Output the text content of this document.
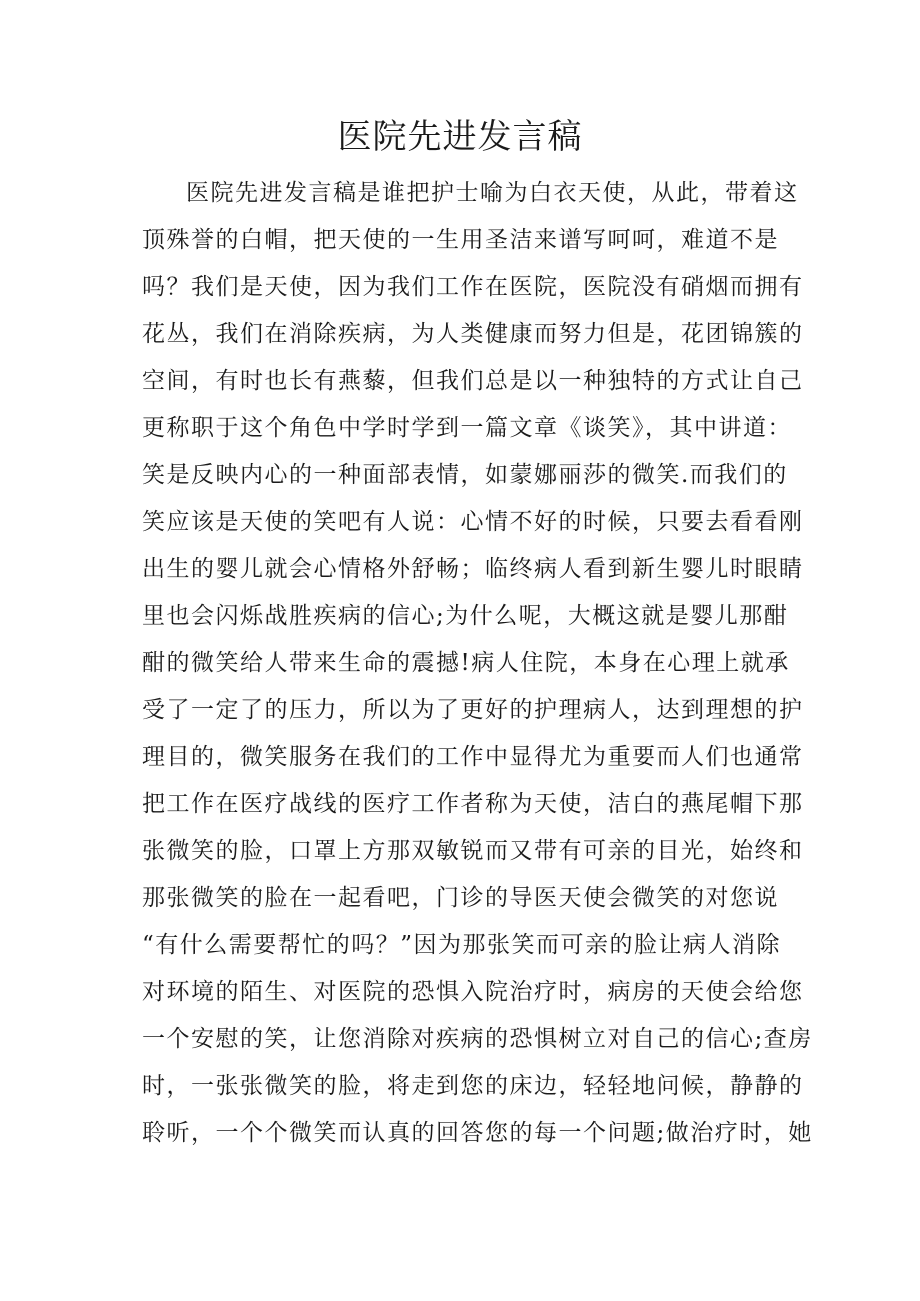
医院先进发言稿
医院先进发言稿是谁把护士喻为白衣天使，从此，带着这
顶殊誉的白帽，把天使的一生用圣洁来谱写呵呵，难道不是
吗？我们是天使，因为我们工作在医院，医院没有硝烟而拥有
花丛，我们在消除疾病，为人类健康而努力但是，花团锦簇的
空间，有时也长有燕藜，但我们总是以一种独特的方式让自己
更称职于这个角色中学时学到一篇文章《谈笑》，其中讲道：
笑是反映内心的一种面部表情，如蒙娜丽莎的微笑.而我们的
笑应该是天使的笑吧有人说：心情不好的时候，只要去看看刚
出生的婴儿就会心情格外舒畅；临终病人看到新生婴儿时眼睛
里也会闪烁战胜疾病的信心;为什么呢，大概这就是婴儿那酣
酣的微笑给人带来生命的震撼!病人住院，本身在心理上就承
受了一定了的压力，所以为了更好的护理病人，达到理想的护
理目的，微笑服务在我们的工作中显得尤为重要而人们也通常
把工作在医疗战线的医疗工作者称为天使，洁白的燕尾帽下那
张微笑的脸，口罩上方那双敏锐而又带有可亲的目光，始终和
那张微笑的脸在一起看吧，门诊的导医天使会微笑的对您说
“有什么需要帮忙的吗？”因为那张笑而可亲的脸让病人消除
对环境的陌生、对医院的恐惧入院治疗时，病房的天使会给您
一个安慰的笑，让您消除对疾病的恐惧树立对自己的信心;查房
时，一张张微笑的脸，将走到您的床边，轻轻地问候，静静的
聆听，一个个微笑而认真的回答您的每一个问题;做治疗时，她
